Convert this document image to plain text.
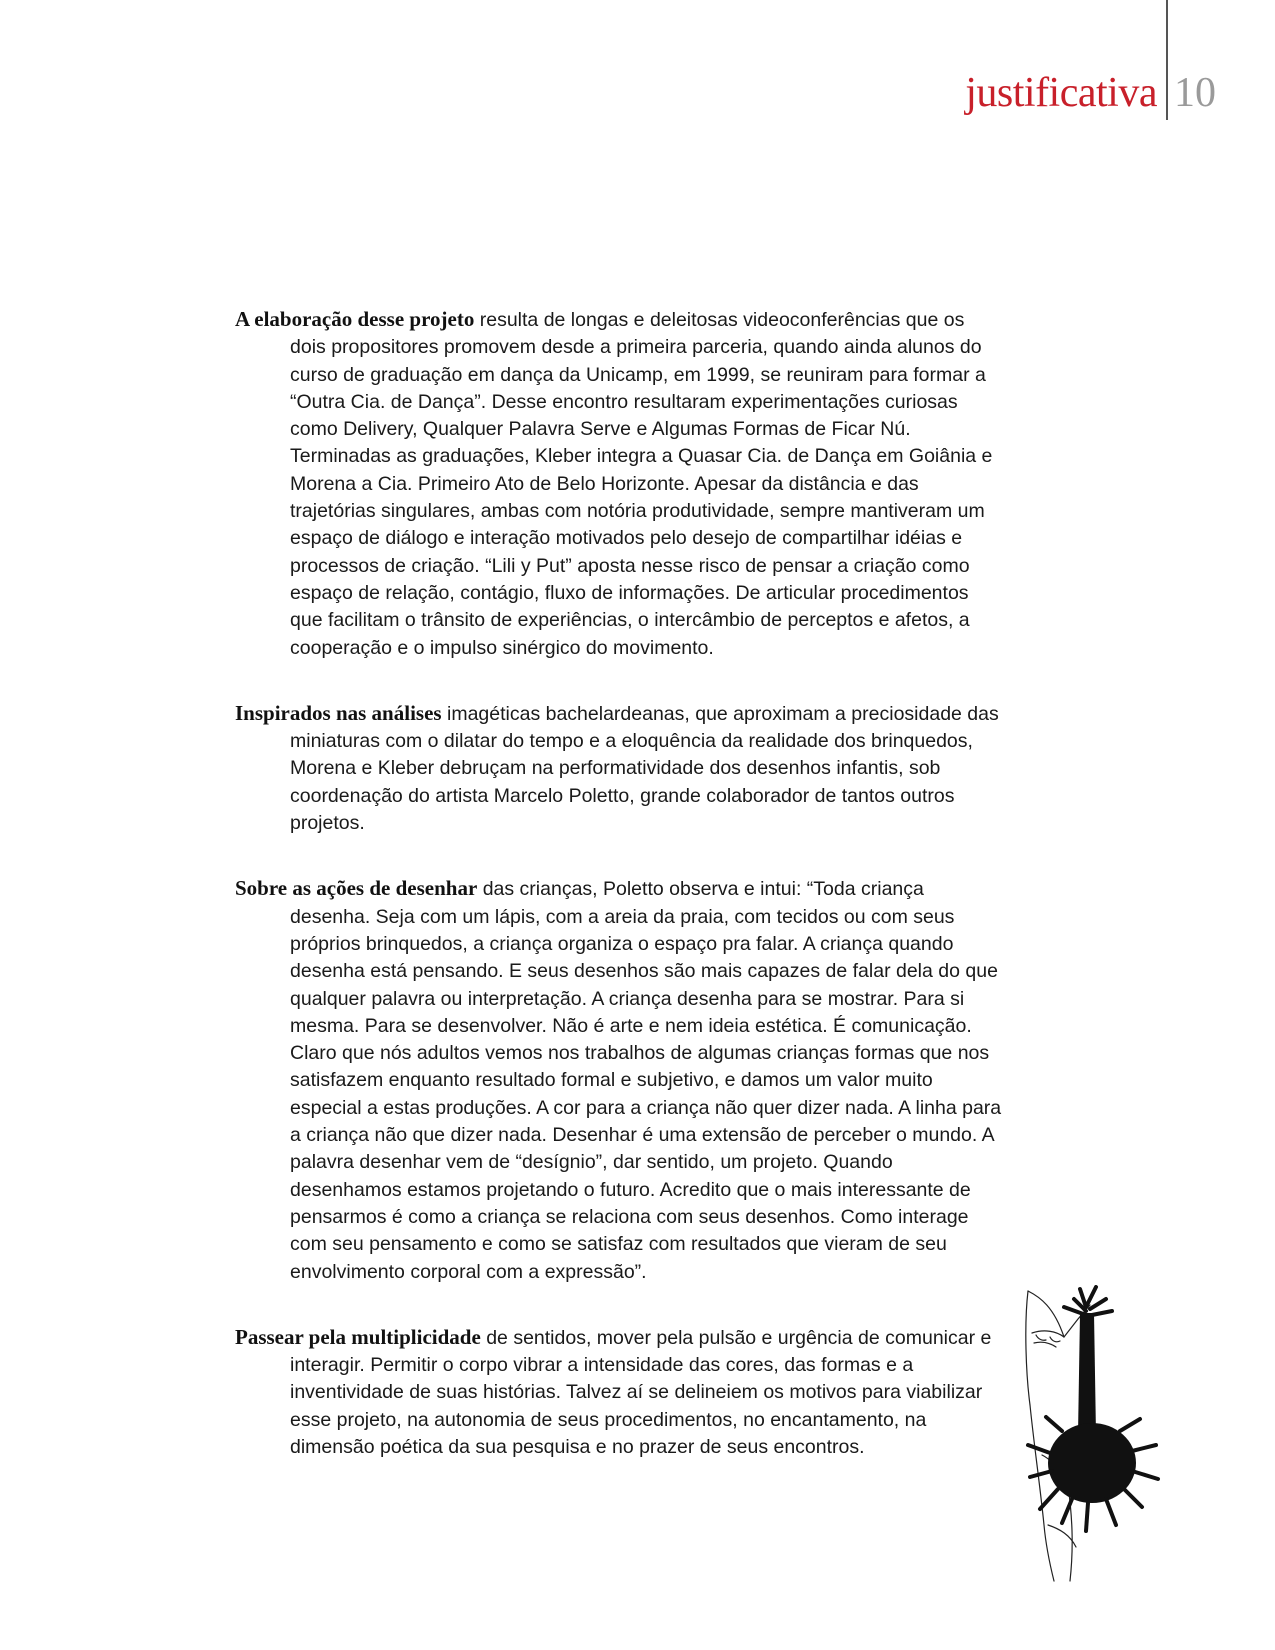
justificativa 10

A elaboração desse projeto resulta de longas e deleitosas videoconferências que os dois propositores promovem desde a primeira parceria, quando ainda alunos do curso de graduação em dança da Unicamp, em 1999, se reuniram para formar a “Outra Cia. de Dança”. Desse encontro resultaram experimentações curiosas como Delivery, Qualquer Palavra Serve e Algumas Formas de Ficar Nú. Terminadas as graduações, Kleber integra a Quasar Cia. de Dança em Goiânia e Morena a Cia. Primeiro Ato de Belo Horizonte. Apesar da distância e das trajetórias singulares, ambas com notória produtividade, sempre mantiveram um espaço de diálogo e interação motivados pelo desejo de compartilhar idéias e processos de criação. “Lili y Put” aposta nesse risco de pensar a criação como espaço de relação, contágio, fluxo de informações. De articular procedimentos que facilitam o trânsito de experiências, o intercâmbio de perceptos e afetos, a cooperação e o impulso sinérgico do movimento.

Inspirados nas análises imagéticas bachelardeanas, que aproximam a preciosidade das miniaturas com o dilatar do tempo e a eloquência da realidade dos brinquedos, Morena e Kleber debruçam na performatividade dos desenhos infantis, sob coordenação do artista Marcelo Poletto, grande colaborador de tantos outros projetos.

Sobre as ações de desenhar das crianças, Poletto observa e intui: “Toda criança desenha. Seja com um lápis, com a areia da praia, com tecidos ou com seus próprios brinquedos, a criança organiza o espaço pra falar. A criança quando desenha está pensando. E seus desenhos são mais capazes de falar dela do que qualquer palavra ou interpretação. A criança desenha para se mostrar. Para si mesma. Para se desenvolver. Não é arte e nem ideia estética. É comunicação. Claro que nós adultos vemos nos trabalhos de algumas crianças formas que nos satisfazem enquanto resultado formal e subjetivo, e damos um valor muito especial a estas produções. A cor para a criança não quer dizer nada. A linha para a criança não que dizer nada. Desenhar é uma extensão de perceber o mundo. A palavra desenhar vem de “desígnio”, dar sentido, um projeto. Quando desenhamos estamos projetando o futuro. Acredito que o mais interessante de pensarmos é como a criança se relaciona com seus desenhos. Como interage com seu pensamento e como se satisfaz com resultados que vieram de seu envolvimento corporal com a expressão”.

Passear pela multiplicidade de sentidos, mover pela pulsão e urgência de comunicar e interagir. Permitir o corpo vibrar a intensidade das cores, das formas e a inventividade de suas histórias. Talvez aí se delineiem os motivos para viabilizar esse projeto, na autonomia de seus procedimentos, no encantamento, na dimensão poética da sua pesquisa e no prazer de seus encontros.
